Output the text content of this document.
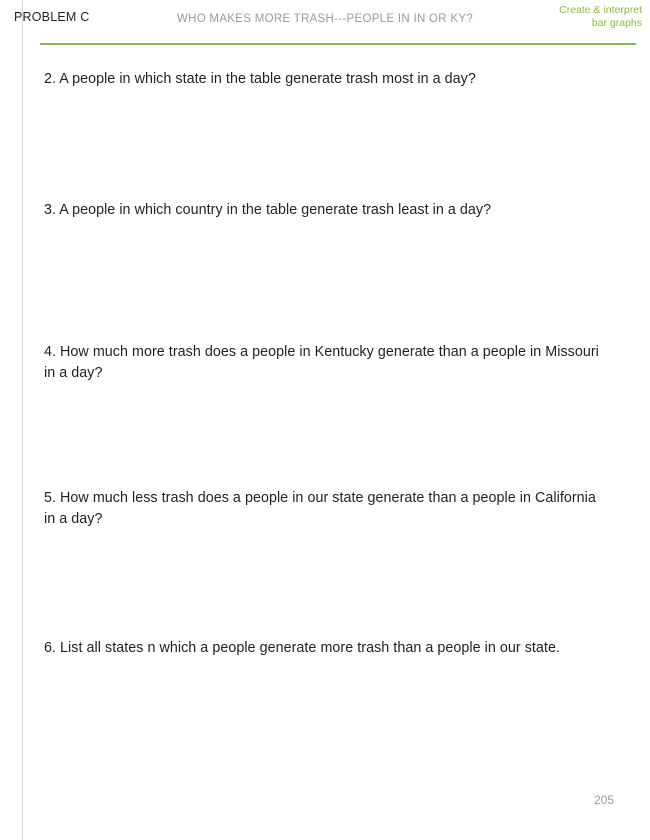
PROBLEM C	WHO MAKES MORE TRASH---PEOPLE IN IN OR KY?
Create & interpret
bar graphs
2. A people in which state in the table generate trash most in a day?
3. A people in which country in the table generate trash least in a day?
4. How much more trash does a people in Kentucky generate than a people in Missouri in a day?
5. How much less trash does a people in our state generate than a people in California in a day?
6. List all states n which a people generate more trash than a people in our state.
205
